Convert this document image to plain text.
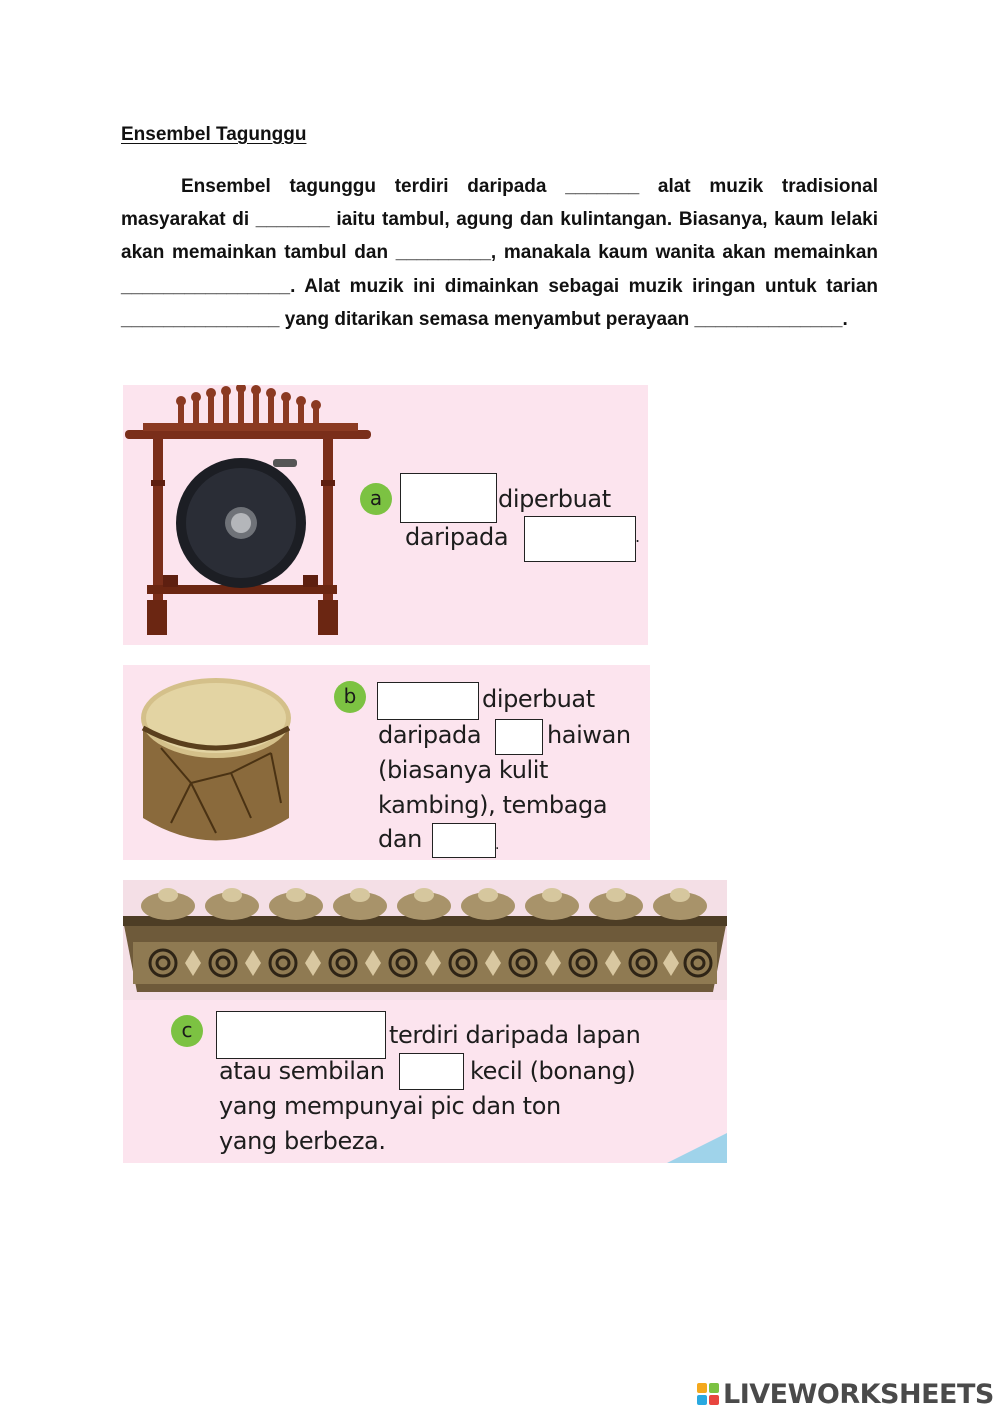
Ensembel Tagunggu
Ensembel tagunggu terdiri daripada _______ alat muzik tradisional masyarakat di _______ iaitu tambul, agung dan kulintangan. Biasanya, kaum lelaki akan memainkan tambul dan _________, manakala kaum wanita akan memainkan ________________. Alat muzik ini dimainkan sebagai muzik iringan untuk tarian _______________ yang ditarikan semasa menyambut perayaan ______________.
a	diperbuat
daripada	.
b	diperbuat
daripada	haiwan
(biasanya kulit
kambing), tembaga
dan	.
c	terdiri daripada lapan
atau sembilan	kecil (bonang)
yang mempunyai pic dan ton
yang berbeza.
LIVEWORKSHEETS
